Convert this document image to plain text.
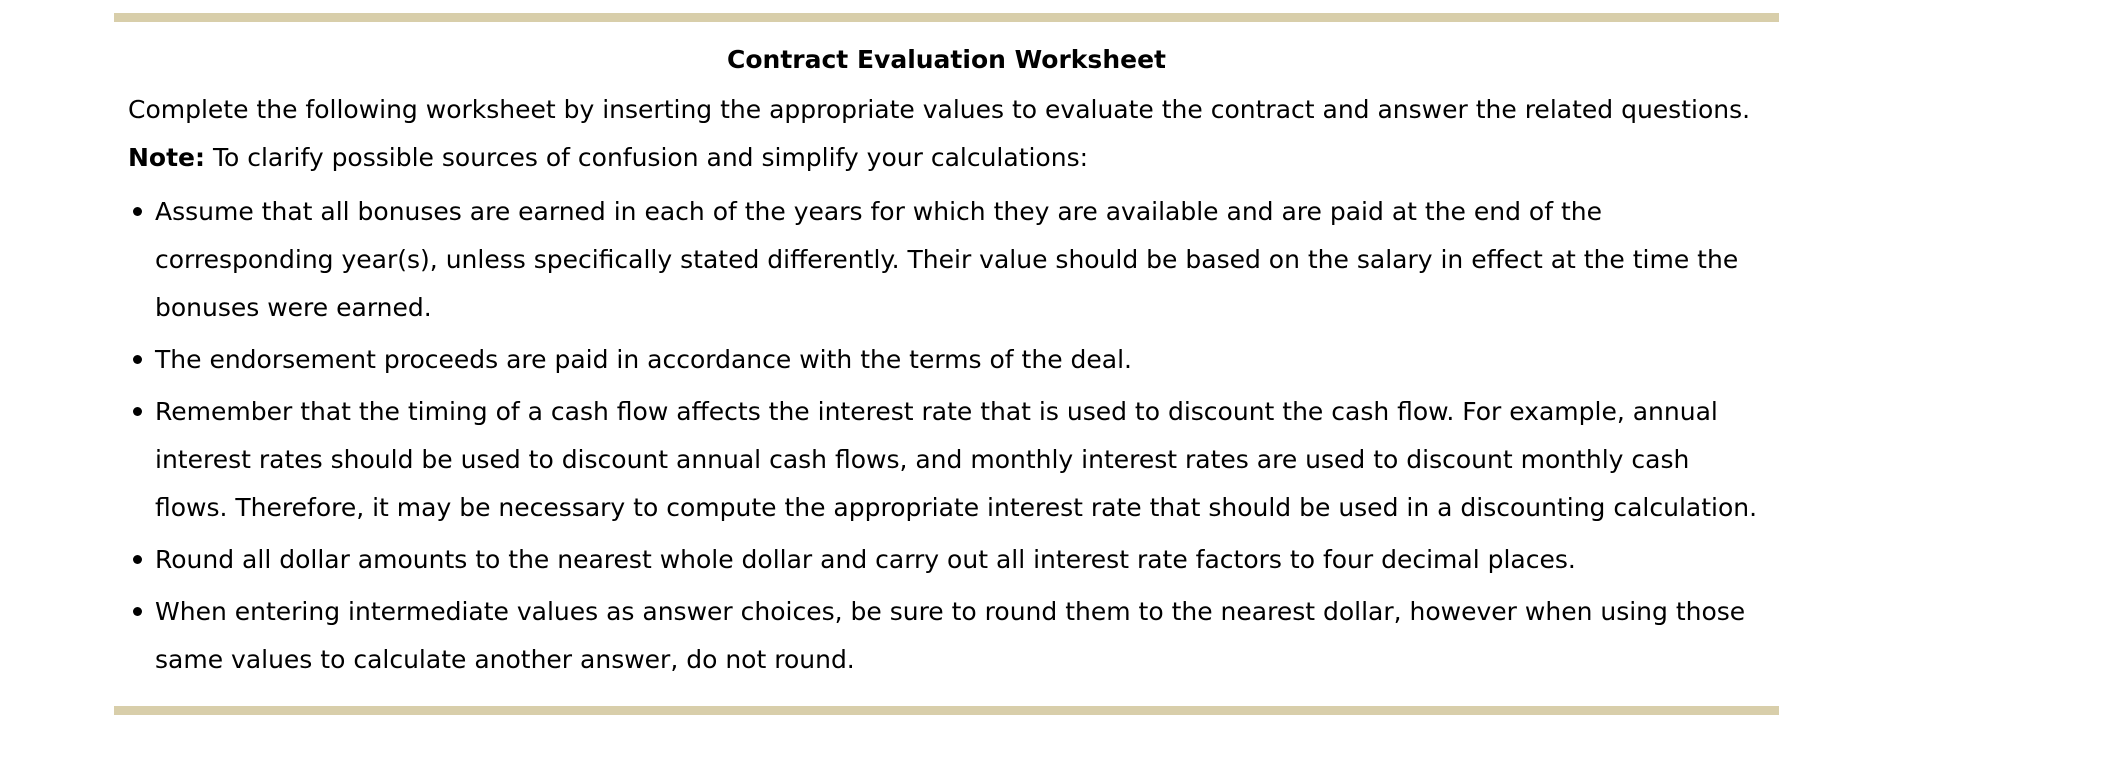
Contract Evaluation Worksheet
Complete the following worksheet by inserting the appropriate values to evaluate the contract and answer the related questions.
Note: To clarify possible sources of confusion and simplify your calculations:
Assume that all bonuses are earned in each of the years for which they are available and are paid at the end of the corresponding year(s), unless specifically stated differently. Their value should be based on the salary in effect at the time the bonuses were earned.
The endorsement proceeds are paid in accordance with the terms of the deal.
Remember that the timing of a cash flow affects the interest rate that is used to discount the cash flow. For example, annual interest rates should be used to discount annual cash flows, and monthly interest rates are used to discount monthly cash flows. Therefore, it may be necessary to compute the appropriate interest rate that should be used in a discounting calculation.
Round all dollar amounts to the nearest whole dollar and carry out all interest rate factors to four decimal places.
When entering intermediate values as answer choices, be sure to round them to the nearest dollar, however when using those same values to calculate another answer, do not round.
